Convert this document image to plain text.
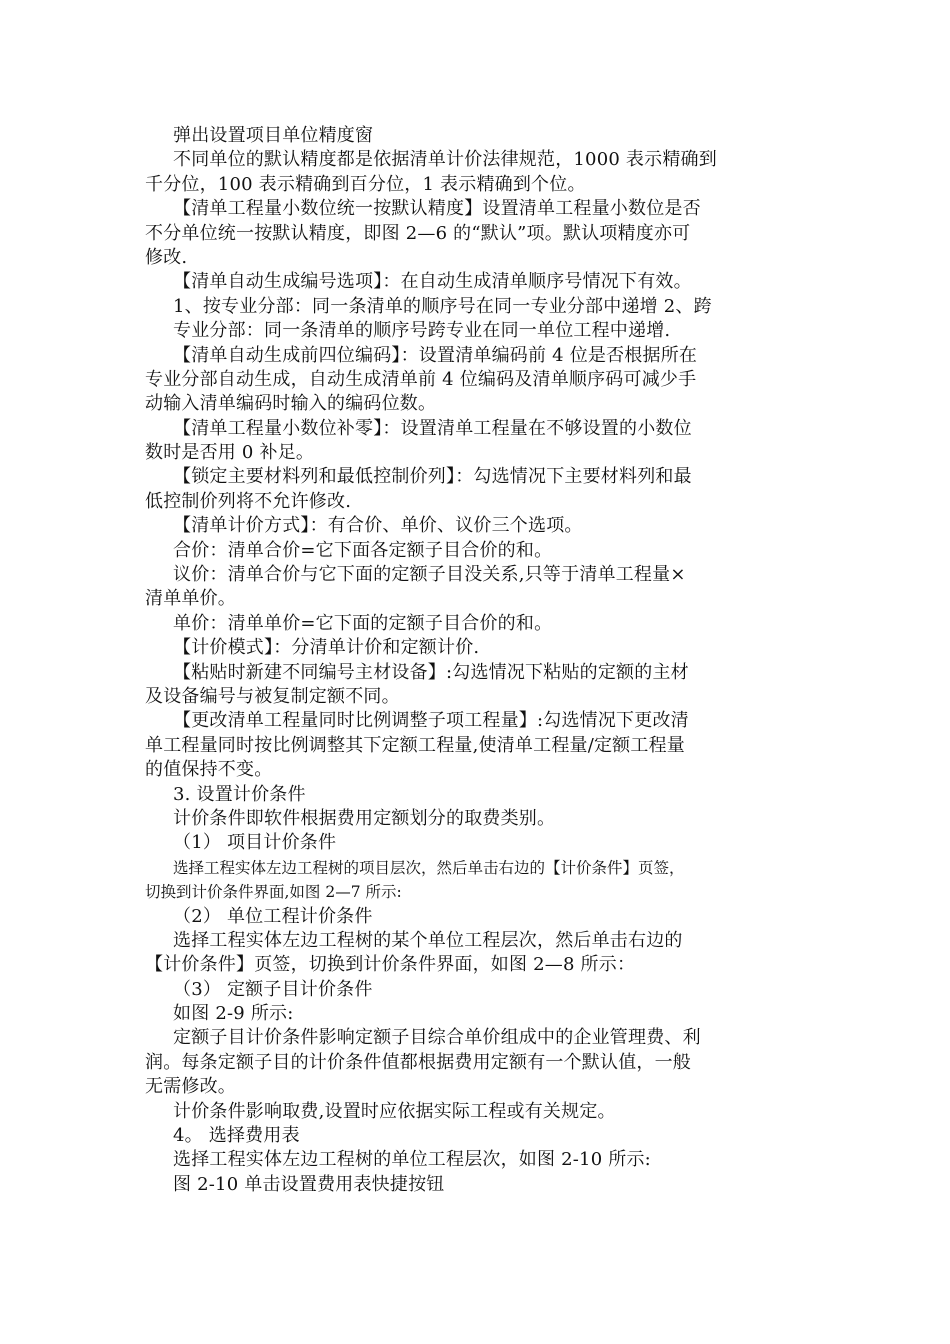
弹出设置项目单位精度窗
不同单位的默认精度都是依据清单计价法律规范，1000 表示精确到
千分位，100 表示精确到百分位，1 表示精确到个位。
【清单工程量小数位统一按默认精度】设置清单工程量小数位是否
不分单位统一按默认精度，即图 2—6 的“默认”项。默认项精度亦可
修改.
【清单自动生成编号选项】：在自动生成清单顺序号情况下有效。
1、按专业分部：同一条清单的顺序号在同一专业分部中递增 2、跨
专业分部：同一条清单的顺序号跨专业在同一单位工程中递增.
【清单自动生成前四位编码】：设置清单编码前 4 位是否根据所在
专业分部自动生成，自动生成清单前 4 位编码及清单顺序码可减少手
动输入清单编码时输入的编码位数。
【清单工程量小数位补零】：设置清单工程量在不够设置的小数位
数时是否用 0 补足。
【锁定主要材料列和最低控制价列】：勾选情况下主要材料列和最
低控制价列将不允许修改.
【清单计价方式】：有合价、单价、议价三个选项。
合价：清单合价=它下面各定额子目合价的和。
议价：清单合价与它下面的定额子目没关系,只等于清单工程量×
清单单价。
单价：清单单价=它下面的定额子目合价的和。
【计价模式】：分清单计价和定额计价.
【粘贴时新建不同编号主材设备】:勾选情况下粘贴的定额的主材
及设备编号与被复制定额不同。
【更改清单工程量同时比例调整子项工程量】:勾选情况下更改清
单工程量同时按比例调整其下定额工程量,使清单工程量/定额工程量
的值保持不变。
3. 设置计价条件
计价条件即软件根据费用定额划分的取费类别。
（1） 项目计价条件
选择工程实体左边工程树的项目层次，然后单击右边的【计价条件】页签，
切换到计价条件界面,如图 2—7 所示:
（2） 单位工程计价条件
选择工程实体左边工程树的某个单位工程层次，然后单击右边的
【计价条件】页签，切换到计价条件界面，如图 2—8 所示：
（3） 定额子目计价条件
如图 2-9 所示:
定额子目计价条件影响定额子目综合单价组成中的企业管理费、利
润。每条定额子目的计价条件值都根据费用定额有一个默认值，一般
无需修改。
计价条件影响取费,设置时应依据实际工程或有关规定。
4。 选择费用表
选择工程实体左边工程树的单位工程层次，如图 2-10 所示:
图 2-10 单击设置费用表快捷按钮
